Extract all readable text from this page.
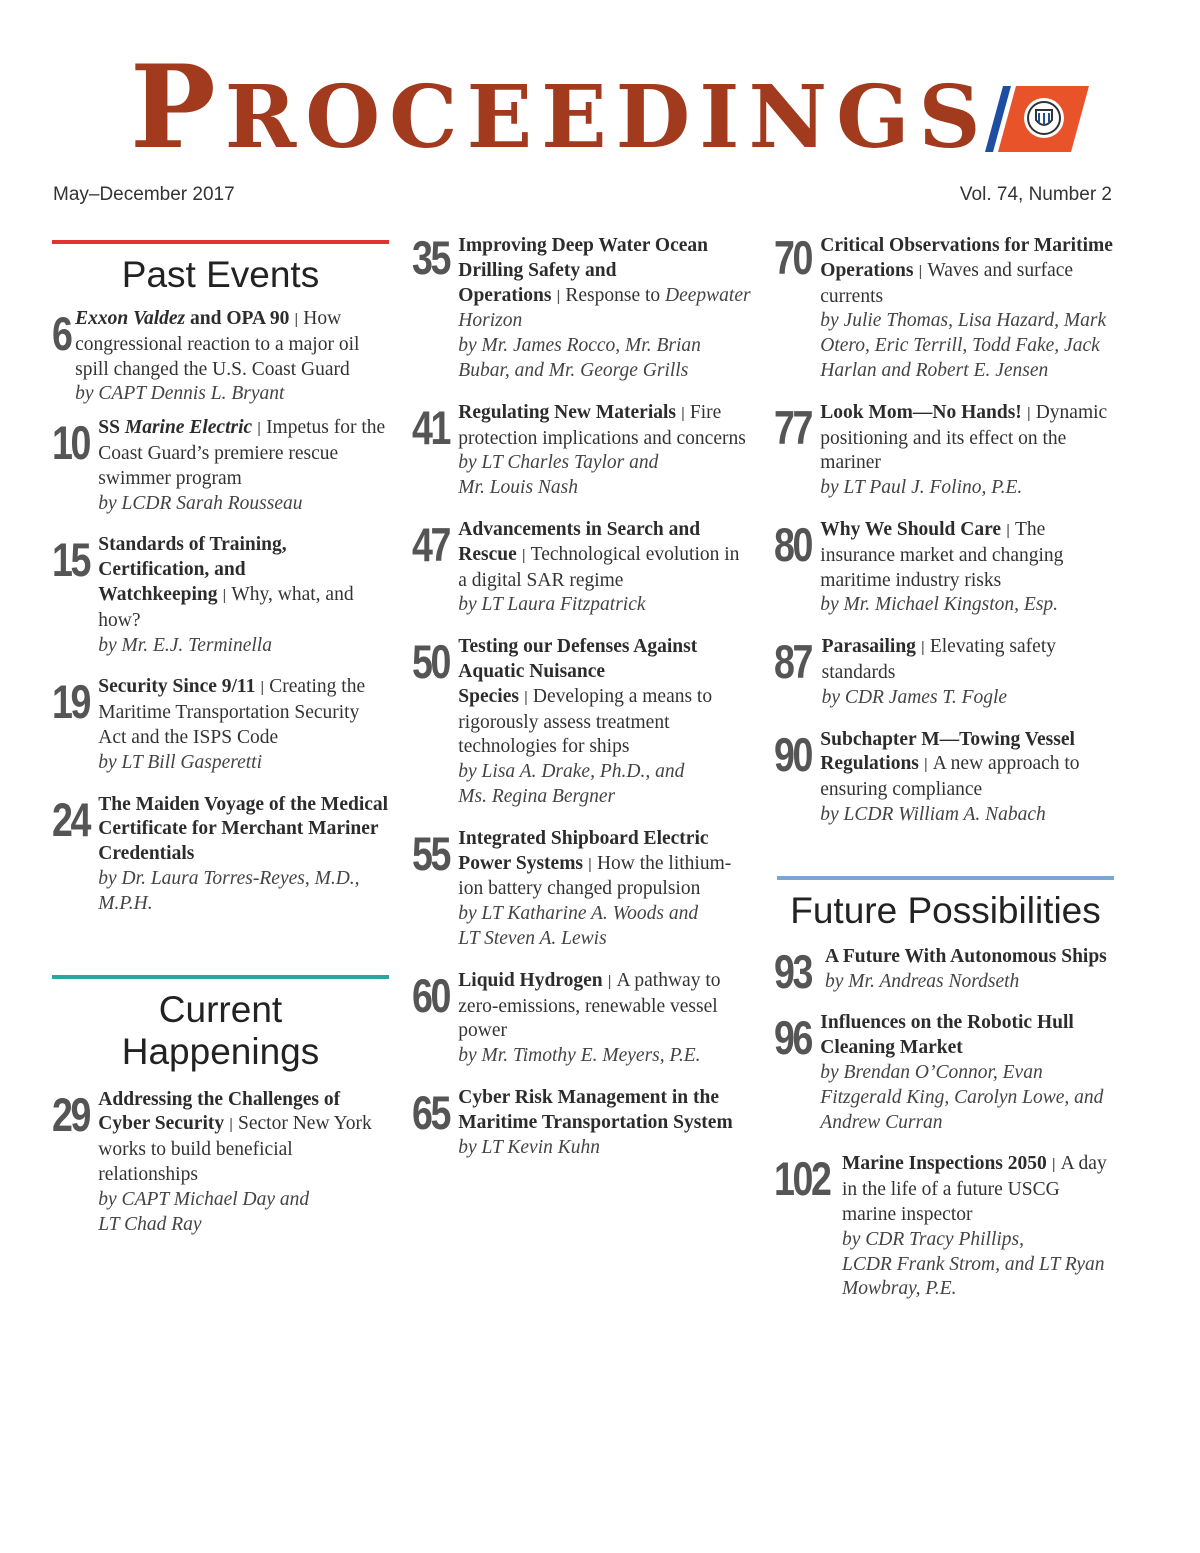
PROCEEDINGS
May–December 2017	Vol. 74, Number 2
Past Events
6 Exxon Valdez and OPA 90 | How congressional reaction to a major oil spill changed the U.S. Coast Guard
by CAPT Dennis L. Bryant
10 SS Marine Electric | Impetus for the Coast Guard’s premiere rescue swimmer program
by LCDR Sarah Rousseau
15 Standards of Training, Certification, and Watchkeeping | Why, what, and how?
by Mr. E.J. Terminella
19 Security Since 9/11 | Creating the Maritime Transportation Security Act and the ISPS Code
by LT Bill Gasperetti
24 The Maiden Voyage of the Medical Certificate for Merchant Mariner Credentials
by Dr. Laura Torres-Reyes, M.D., M.P.H.
Current
Happenings
29 Addressing the Challenges of Cyber Security | Sector New York works to build beneficial relationships
by CAPT Michael Day and
LT Chad Ray
35 Improving Deep Water Ocean Drilling Safety and Operations | Response to Deepwater Horizon
by Mr. James Rocco, Mr. Brian Bubar, and Mr. George Grills
41 Regulating New Materials | Fire protection implications and concerns
by LT Charles Taylor and
Mr. Louis Nash
47 Advancements in Search and Rescue | Technological evolution in a digital SAR regime
by LT Laura Fitzpatrick
50 Testing our Defenses Against Aquatic Nuisance Species | Developing a means to rigorously assess treatment technologies for ships
by Lisa A. Drake, Ph.D., and
Ms. Regina Bergner
55 Integrated Shipboard Electric Power Systems | How the lithium-ion battery changed propulsion
by LT Katharine A. Woods and
LT Steven A. Lewis
60 Liquid Hydrogen | A pathway to zero-emissions, renewable vessel power
by Mr. Timothy E. Meyers, P.E.
65 Cyber Risk Management in the Maritime Transportation System
by LT Kevin Kuhn
70 Critical Observations for Maritime Operations | Waves and surface currents
by Julie Thomas, Lisa Hazard, Mark Otero, Eric Terrill, Todd Fake, Jack Harlan and Robert E. Jensen
77 Look Mom—No Hands! | Dynamic positioning and its effect on the mariner
by LT Paul J. Folino, P.E.
80 Why We Should Care | The insurance market and changing maritime industry risks
by Mr. Michael Kingston, Esp.
87 Parasailing | Elevating safety standards
by CDR James T. Fogle
90 Subchapter M—Towing Vessel Regulations | A new approach to ensuring compliance
by LCDR William A. Nabach
Future Possibilities
93 A Future With Autonomous Ships
by Mr. Andreas Nordseth
96 Influences on the Robotic Hull Cleaning Market
by Brendan O’Connor, Evan Fitzgerald King, Carolyn Lowe, and Andrew Curran
102 Marine Inspections 2050 | A day in the life of a future USCG marine inspector
by CDR Tracy Phillips,
LCDR Frank Strom, and LT Ryan Mowbray, P.E.
